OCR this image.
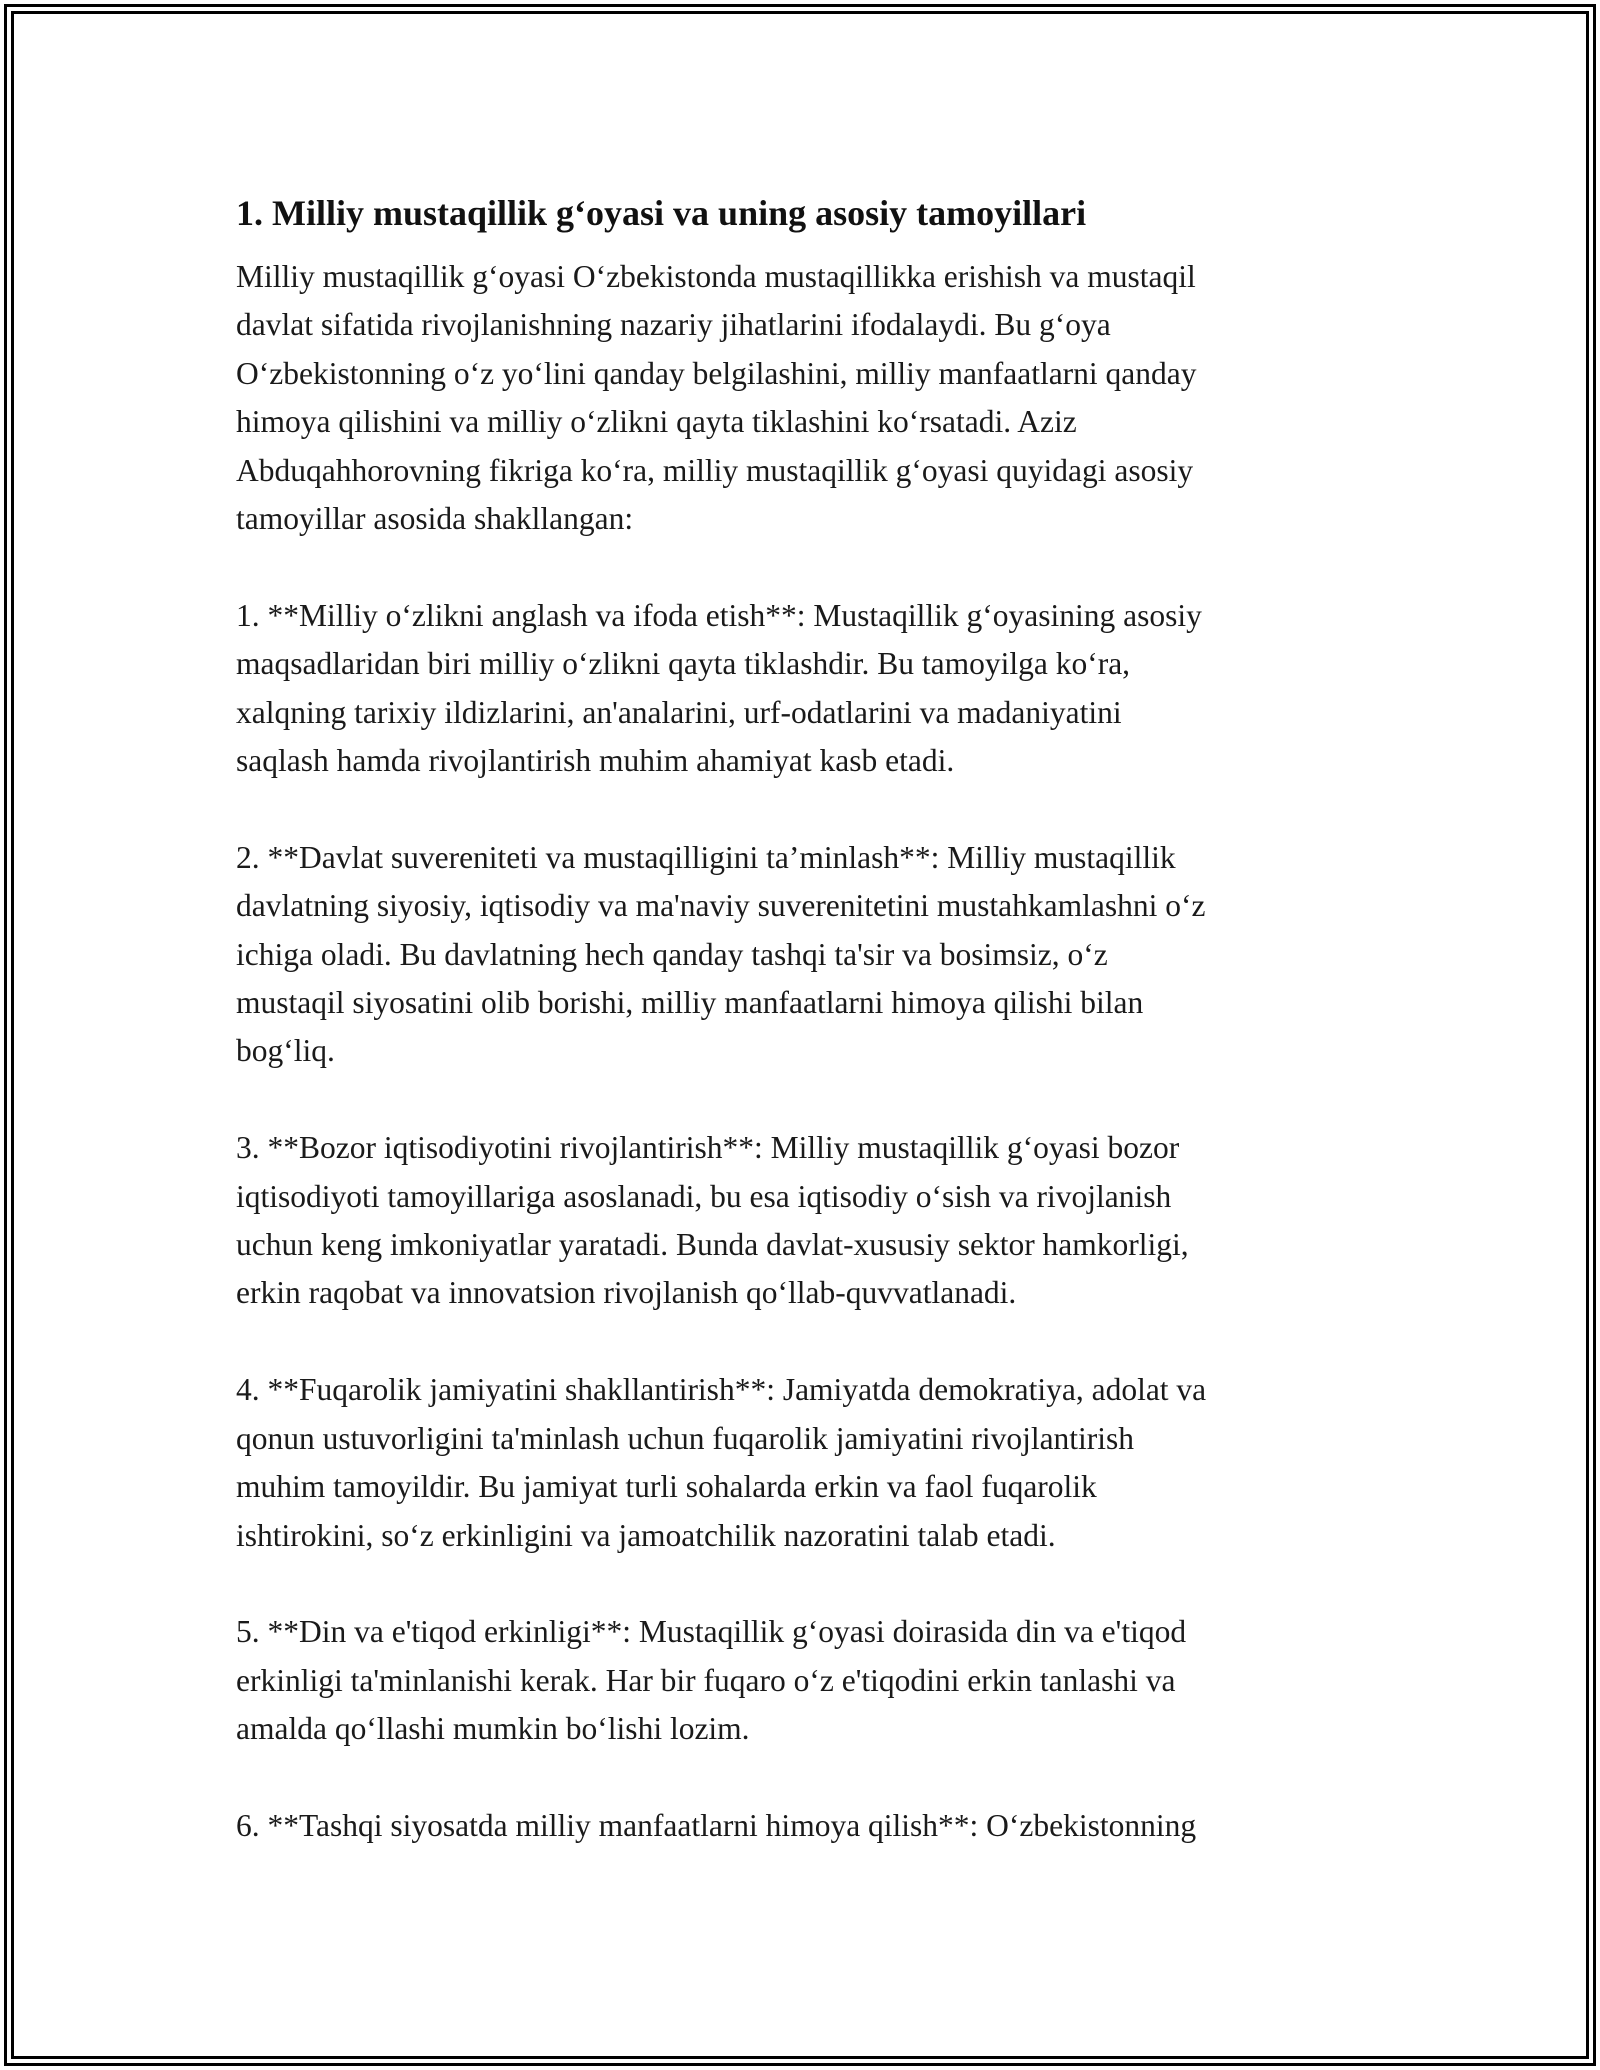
1. Milliy mustaqillik g‘oyasi va uning asosiy tamoyillari

Milliy mustaqillik g‘oyasi O‘zbekistonda mustaqillikka erishish va mustaqil
davlat sifatida rivojlanishning nazariy jihatlarini ifodalaydi. Bu g‘oya
O‘zbekistonning o‘z yo‘lini qanday belgilashini, milliy manfaatlarni qanday
himoya qilishini va milliy o‘zlikni qayta tiklashini ko‘rsatadi. Aziz
Abduqahhorovning fikriga ko‘ra, milliy mustaqillik g‘oyasi quyidagi asosiy
tamoyillar asosida shakllangan:

1. **Milliy o‘zlikni anglash va ifoda etish**: Mustaqillik g‘oyasining asosiy
maqsadlaridan biri milliy o‘zlikni qayta tiklashdir. Bu tamoyilga ko‘ra,
xalqning tarixiy ildizlarini, an'analarini, urf-odatlarini va madaniyatini
saqlash hamda rivojlantirish muhim ahamiyat kasb etadi.

2. **Davlat suvereniteti va mustaqilligini ta’minlash**: Milliy mustaqillik
davlatning siyosiy, iqtisodiy va ma'naviy suverenitetini mustahkamlashni o‘z
ichiga oladi. Bu davlatning hech qanday tashqi ta'sir va bosimsiz, o‘z
mustaqil siyosatini olib borishi, milliy manfaatlarni himoya qilishi bilan
bog‘liq.

3. **Bozor iqtisodiyotini rivojlantirish**: Milliy mustaqillik g‘oyasi bozor
iqtisodiyoti tamoyillariga asoslanadi, bu esa iqtisodiy o‘sish va rivojlanish
uchun keng imkoniyatlar yaratadi. Bunda davlat-xususiy sektor hamkorligi,
erkin raqobat va innovatsion rivojlanish qo‘llab-quvvatlanadi.

4. **Fuqarolik jamiyatini shakllantirish**: Jamiyatda demokratiya, adolat va
qonun ustuvorligini ta'minlash uchun fuqarolik jamiyatini rivojlantirish
muhim tamoyildir. Bu jamiyat turli sohalarda erkin va faol fuqarolik
ishtirokini, so‘z erkinligini va jamoatchilik nazoratini talab etadi.

5. **Din va e'tiqod erkinligi**: Mustaqillik g‘oyasi doirasida din va e'tiqod
erkinligi ta'minlanishi kerak. Har bir fuqaro o‘z e'tiqodini erkin tanlashi va
amalda qo‘llashi mumkin bo‘lishi lozim.

6. **Tashqi siyosatda milliy manfaatlarni himoya qilish**: O‘zbekistonning
